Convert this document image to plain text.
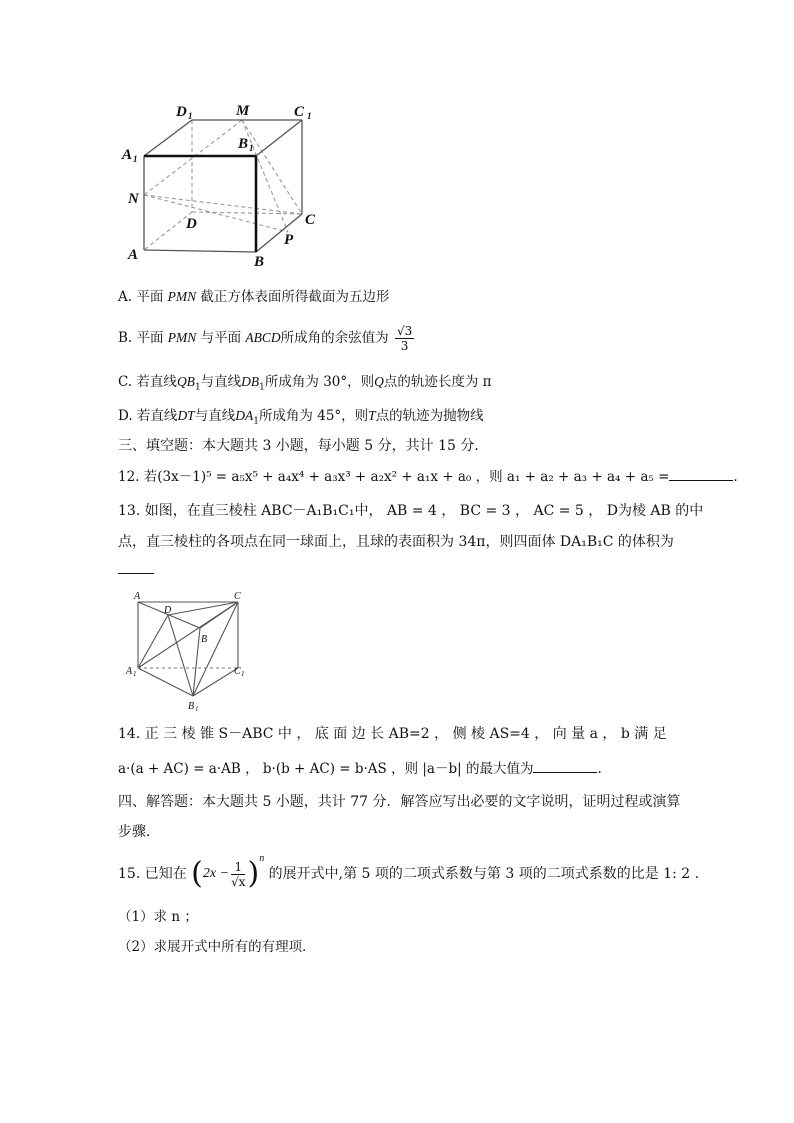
D 1	M	C 1
A 1
B 1
N
D	C
P
A	B
A. 平面 PMN 截正方体表面所得截面为五边形
B. 平面 PMN 与平面 ABCD所成角的余弦值为 $\frac{√3}{3}$
C. 若直线$QB_1$与直线$DB_1$所成角为 30°，则Q点的轨迹长度为 π
D. 若直线DT与直线$DA_1$所成角为 45°，则T点的轨迹为抛物线
三、填空题：本大题共 3 小题，每小题 5 分，共计 15 分．
12. 若(3x－1)⁵ = a₅x⁵ + a₄x⁴ + a₃x³ + a₂x² + a₁x + a₀ ，则 a₁ + a₂ + a₃ + a₄ + a₅ =	.
13. 如图，在直三棱柱 ABC－A₁B₁C₁中， AB = 4 ， BC = 3 ， AC = 5 ， D为棱 AB 的中
点，直三棱柱的各项点在同一球面上，且球的表面积为 34π，则四面体 DA₁B₁C 的体积为
A
D
C
B
A 1	C 1
B 1
14. 正 三 棱 锥 S－ABC 中 ， 底 面 边 长 AB=2 ， 侧 棱 AS=4 ， 向 量 a ， b 满 足
a·(a + AC) = a·AB ， b·(b + AC) = b·AS ，则 |a－b| 的最大值为	.
四、解答题：本大题共 5 小题，共计 77 分．解答应写出必要的文字说明，证明过程或演算
步骤．
15. 已知在 $(2x - \frac{1}{√x} )^n$ 的展开式中,第 5 项的二项式系数与第 3 项的二项式系数的比是 1: 2 .
（1）求 n ；
（2）求展开式中所有的有理项．
